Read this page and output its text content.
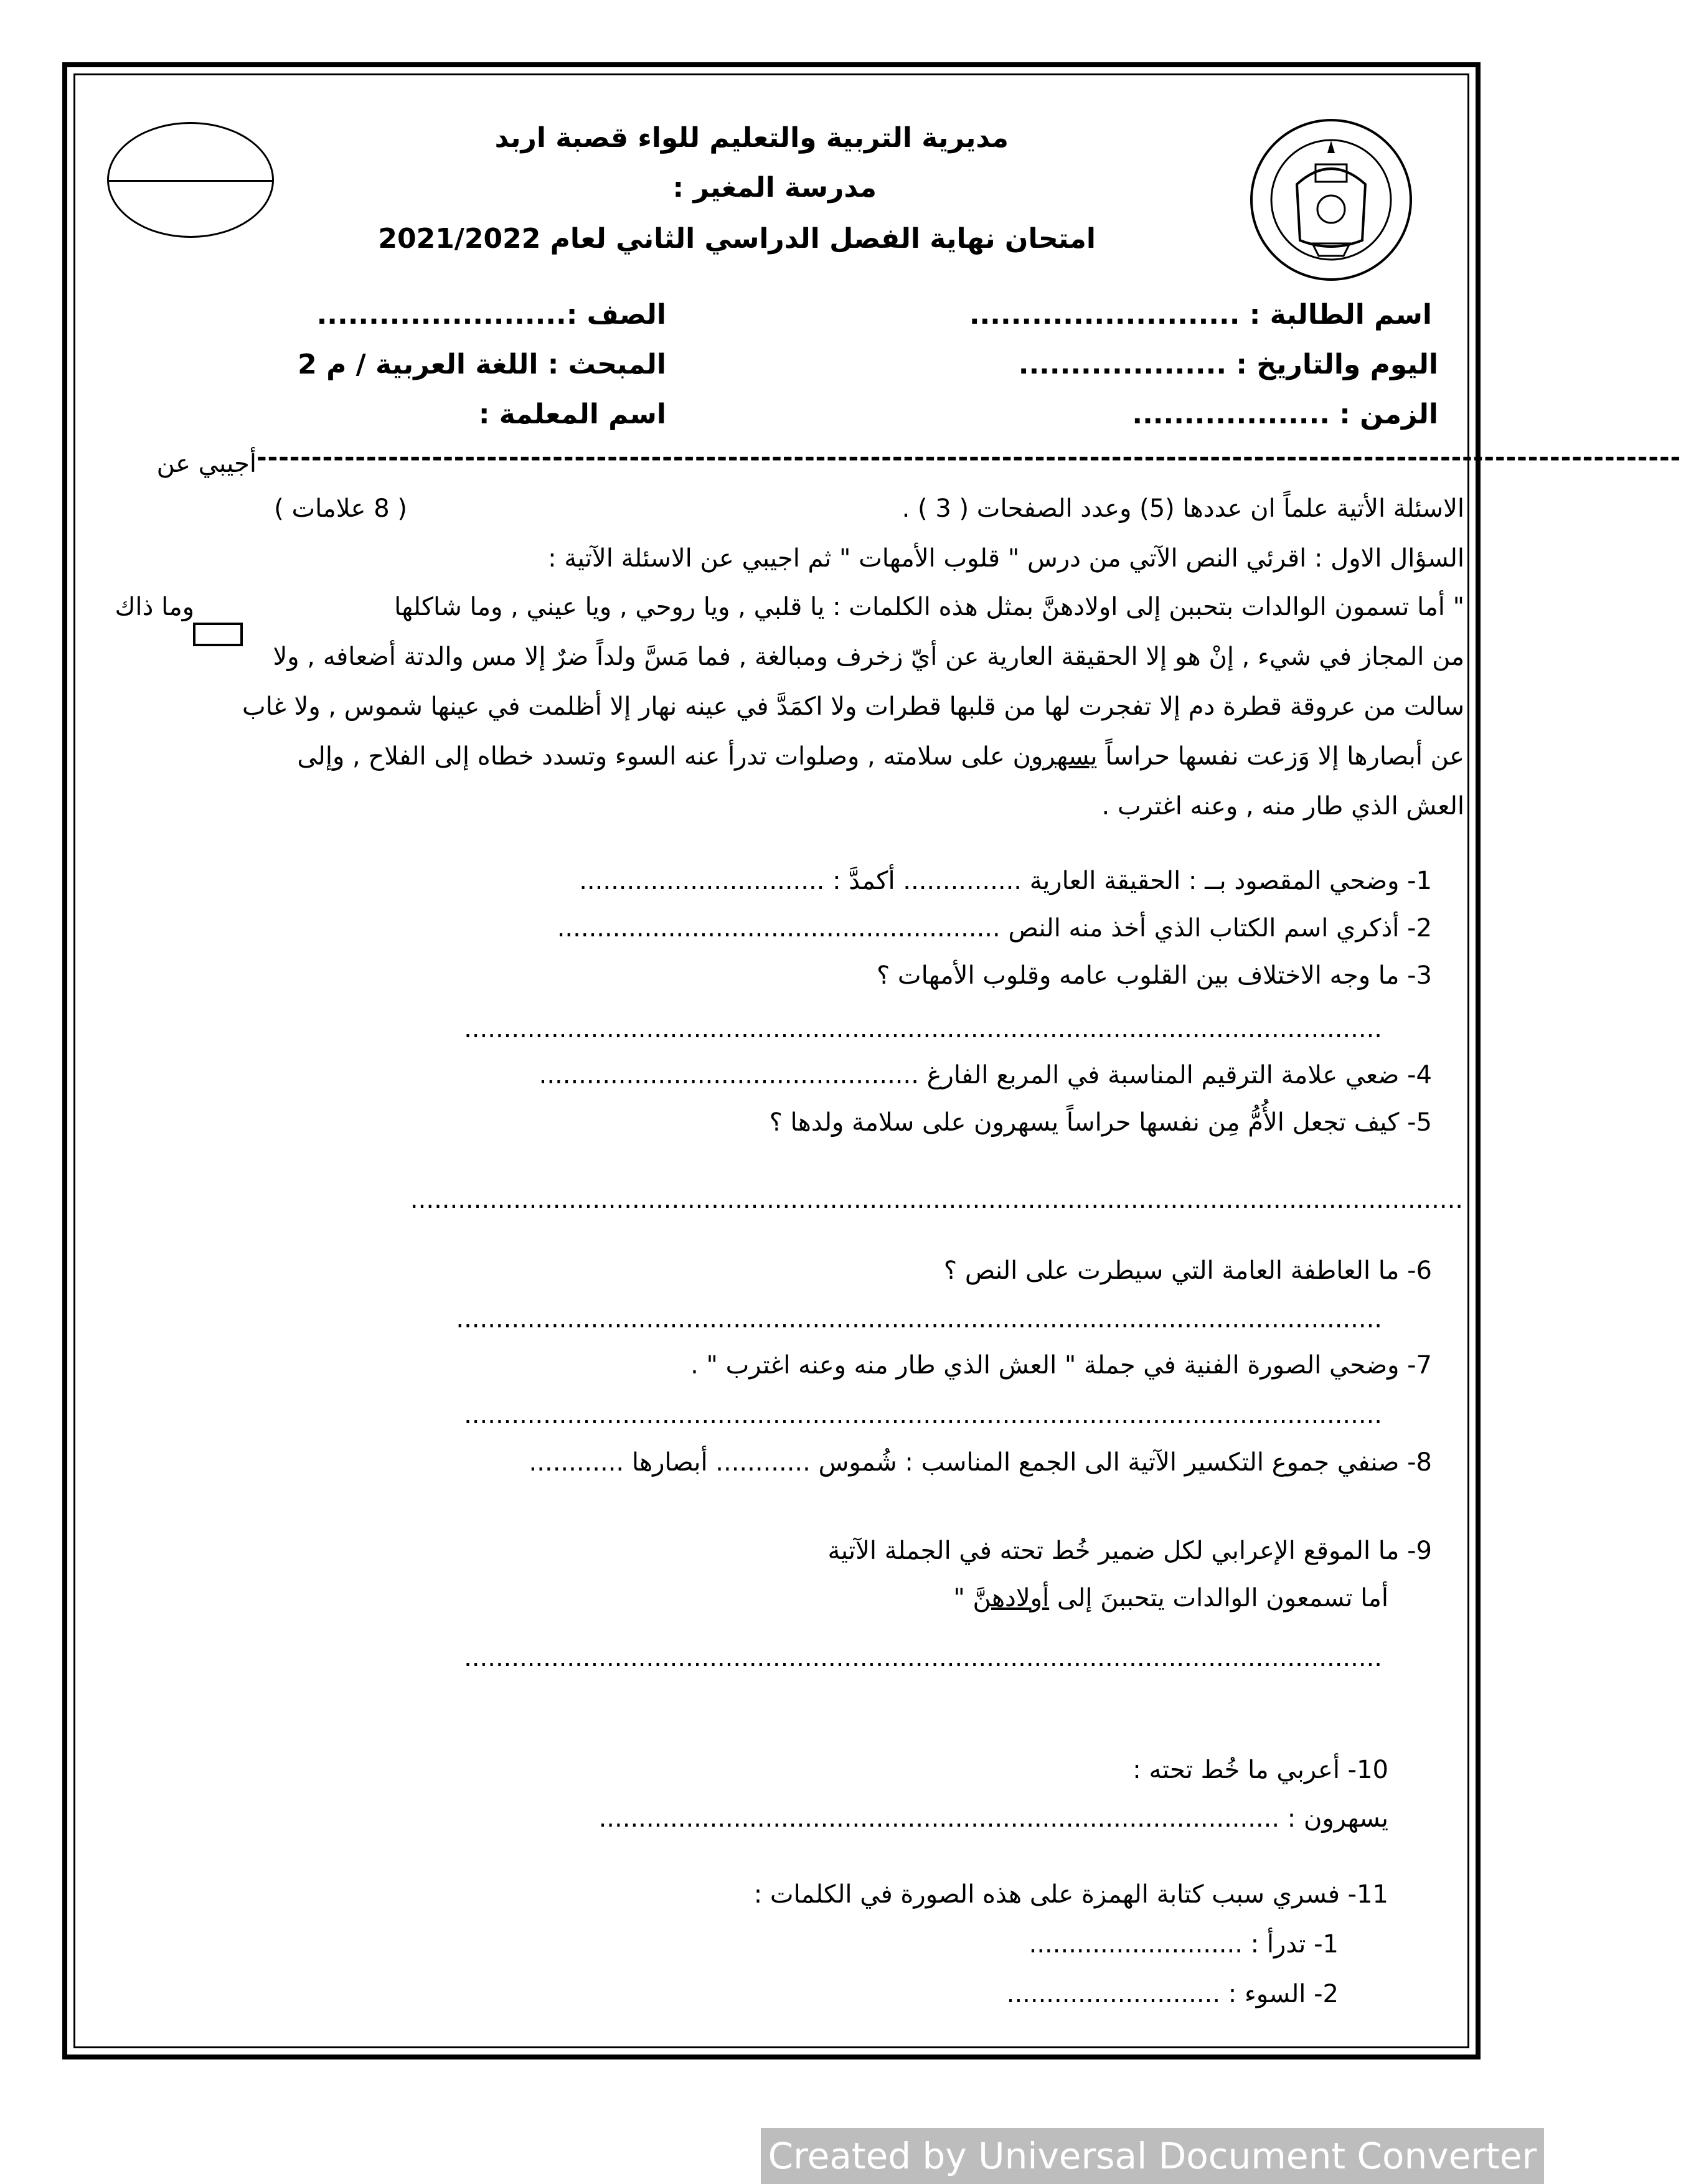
مديرية التربية والتعليم للواء قصبة اربد
مدرسة المغير :
امتحان نهاية الفصل الدراسي الثاني لعام 2021/2022
اسم الطالبة : ..........................
الصف :........................
اليوم والتاريخ : ....................
المبحث : اللغة العربية / م 2
الزمن : ...................
اسم المعلمة :
----------------------------------------------------------------------------------------------------------------------------------
أجيبي عن
الاسئلة الأتية علماً ان عددها (5) وعدد الصفحات ( 3 ) .
( 8 علامات )
السؤال الاول : اقرئي النص الآتي من درس " قلوب الأمهات " ثم اجيبي عن الاسئلة الآتية :
" أما تسمون الوالدات بتحببن إلى اولادهنَّ بمثل هذه الكلمات : يا قلبي , ويا روحي , ويا عيني , وما شاكلها
وما ذاك
من المجاز في شيء , إنْ هو إلا الحقيقة العارية عن أيّ زخرف ومبالغة , فما مَسَّ ولداً ضرٌ إلا مس والدتة أضعافه , ولا
سالت من عروقة قطرة دم إلا تفجرت لها من قلبها قطرات ولا اكمَدَّ في عينه نهار إلا أظلمت في عينها شموس , ولا غاب
عن أبصارها إلا وَزعت نفسها حراساً يسهرون على سلامته , وصلوات تدرأ عنه السوء وتسدد خطاه إلى الفلاح , وإلى
العش الذي طار منه , وعنه اغترب .
1- وضحي المقصود بــ : الحقيقة العارية ............... أكمدَّ : ...............................
2- أذكري اسم الكتاب الذي أخذ منه النص ........................................................
3- ما وجه الاختلاف بين القلوب عامه وقلوب الأمهات ؟
....................................................................................................................
4- ضعي علامة الترقيم المناسبة في المربع الفارغ ................................................
5- كيف تجعل الأُمُّ مِن نفسها حراساً يسهرون على سلامة ولدها ؟
.....................................................................................................................................
6- ما العاطفة العامة التي سيطرت على النص ؟
.....................................................................................................................
7- وضحي الصورة الفنية في جملة " العش الذي طار منه وعنه اغترب " .
....................................................................................................................
8- صنفي جموع التكسير الآتية الى الجمع المناسب : شُموس ............ أبصارها ............
9- ما الموقع الإعرابي لكل ضمير خُط تحته في الجملة الآتية
أما تسمعون الوالدات يتحببنَ إلى أولادهنَّ "
....................................................................................................................
10- أعربي ما خُط تحته :
يسهرون : ......................................................................................
11- فسري سبب كتابة الهمزة على هذه الصورة في الكلمات :
1- تدرأ : ...........................
2- السوء : ...........................
Created by Universal Document Converter
